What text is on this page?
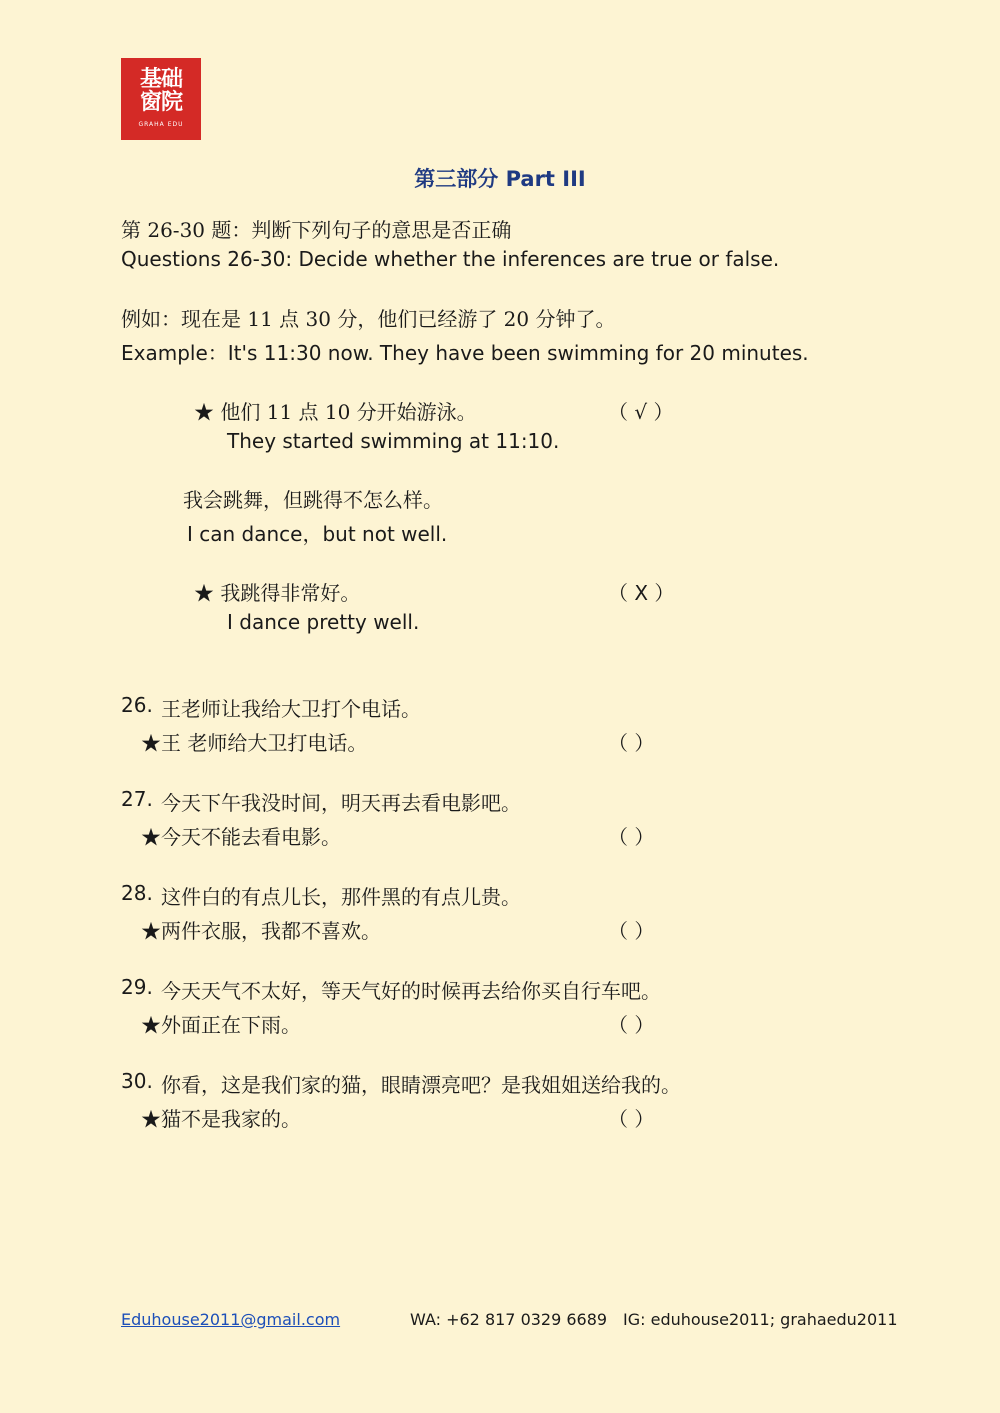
基础窗院
GRAHA EDU
第三部分 Part III
第 26-30 题：判断下列句子的意思是否正确
Questions 26-30: Decide whether the inferences are true or false.
例如：现在是 11 点 30 分，他们已经游了 20 分钟了。
Example：It's 11:30 now. They have been swimming for 20 minutes.
★ 他们 11 点 10 分开始游泳。	（ √ ）
They started swimming at 11:10.
我会跳舞，但跳得不怎么样。
I can dance，but not well.
★ 我跳得非常好。	（ X ）
I dance pretty well.
26. 王老师让我给大卫打个电话。
★王 老师给大卫打电话。	（ ）
27. 今天下午我没时间，明天再去看电影吧。
★今天不能去看电影。	（ ）
28. 这件白的有点儿长，那件黑的有点儿贵。
★两件衣服，我都不喜欢。	（ ）
29. 今天天气不太好，等天气好的时候再去给你买自行车吧。
★外面正在下雨。	（ ）
30. 你看，这是我们家的猫，眼睛漂亮吧？是我姐姐送给我的。
★猫不是我家的。	（ ）
Eduhouse2011@gmail.com	WA: +62 817 0329 6689 IG: eduhouse2011; grahaedu2011
